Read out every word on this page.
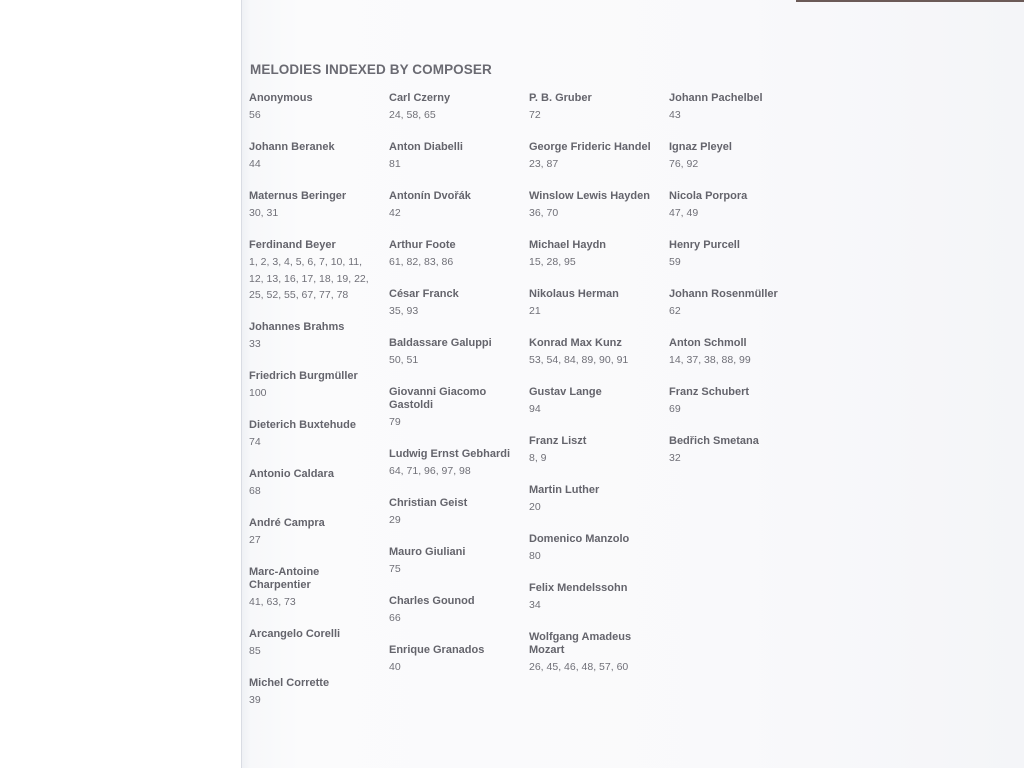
MELODIES INDEXED BY COMPOSER
Anonymous
56
Johann Beranek
44
Maternus Beringer
30, 31
Ferdinand Beyer
1, 2, 3, 4, 5, 6, 7, 10, 11,
12, 13, 16, 17, 18, 19, 22,
25, 52, 55, 67, 77, 78
Johannes Brahms
33
Friedrich Burgmüller
100
Dieterich Buxtehude
74
Antonio Caldara
68
André Campra
27
Marc-Antoine
Charpentier
41, 63, 73
Arcangelo Corelli
85
Michel Corrette
39
Carl Czerny
24, 58, 65
Anton Diabelli
81
Antonín Dvořák
42
Arthur Foote
61, 82, 83, 86
César Franck
35, 93
Baldassare Galuppi
50, 51
Giovanni Giacomo
Gastoldi
79
Ludwig Ernst Gebhardi
64, 71, 96, 97, 98
Christian Geist
29
Mauro Giuliani
75
Charles Gounod
66
Enrique Granados
40
P. B. Gruber
72
George Frideric Handel
23, 87
Winslow Lewis Hayden
36, 70
Michael Haydn
15, 28, 95
Nikolaus Herman
21
Konrad Max Kunz
53, 54, 84, 89, 90, 91
Gustav Lange
94
Franz Liszt
8, 9
Martin Luther
20
Domenico Manzolo
80
Felix Mendelssohn
34
Wolfgang Amadeus
Mozart
26, 45, 46, 48, 57, 60
Johann Pachelbel
43
Ignaz Pleyel
76, 92
Nicola Porpora
47, 49
Henry Purcell
59
Johann Rosenmüller
62
Anton Schmoll
14, 37, 38, 88, 99
Franz Schubert
69
Bedřich Smetana
32
